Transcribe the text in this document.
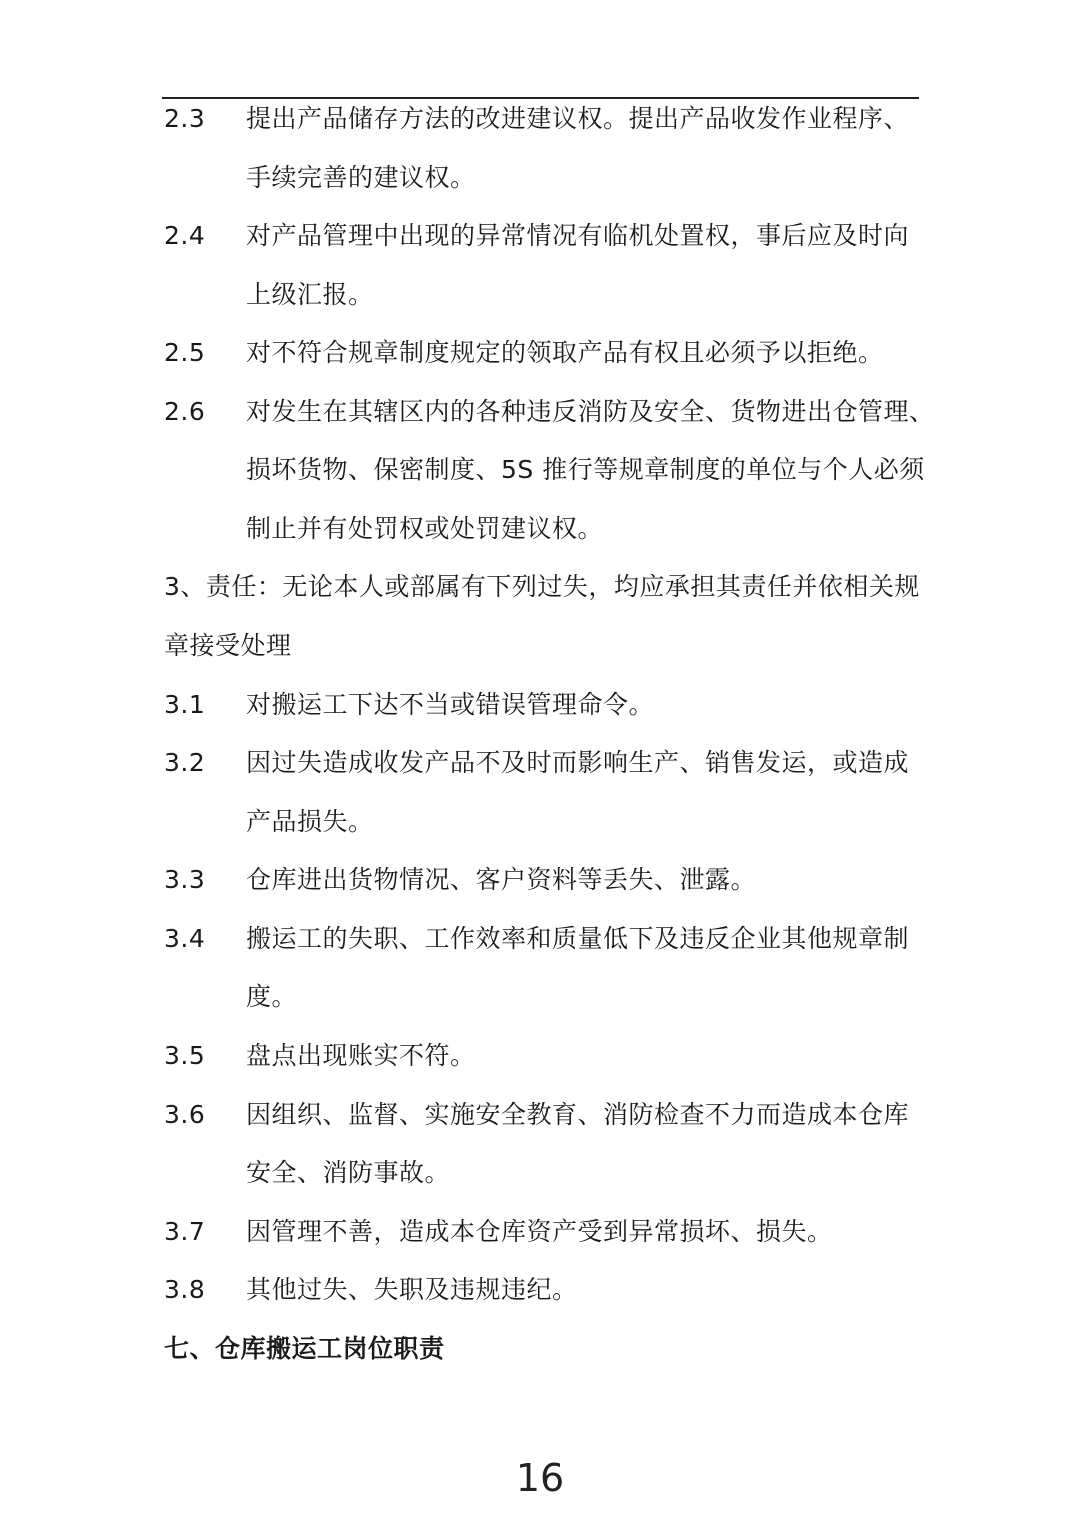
2.3 提出产品储存方法的改进建议权。提出产品收发作业程序、
手续完善的建议权。
2.4 对产品管理中出现的异常情况有临机处置权，事后应及时向
上级汇报。
2.5 对不符合规章制度规定的领取产品有权且必须予以拒绝。
2.6 对发生在其辖区内的各种违反消防及安全、货物进出仓管理、
损坏货物、保密制度、5S 推行等规章制度的单位与个人必须
制止并有处罚权或处罚建议权。
3、责任：无论本人或部属有下列过失，均应承担其责任并依相关规
章接受处理
3.1 对搬运工下达不当或错误管理命令。
3.2 因过失造成收发产品不及时而影响生产、销售发运，或造成
产品损失。
3.3 仓库进出货物情况、客户资料等丢失、泄露。
3.4 搬运工的失职、工作效率和质量低下及违反企业其他规章制
度。
3.5 盘点出现账实不符。
3.6 因组织、监督、实施安全教育、消防检查不力而造成本仓库
安全、消防事故。
3.7 因管理不善，造成本仓库资产受到异常损坏、损失。
3.8 其他过失、失职及违规违纪。
七、仓库搬运工岗位职责
16
